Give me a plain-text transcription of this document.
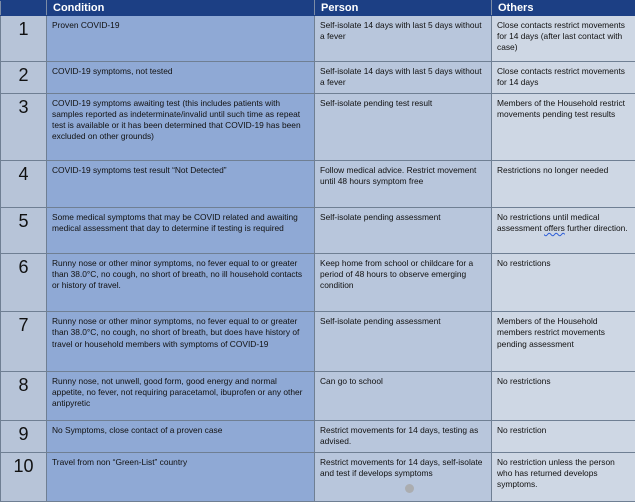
	Condition	Person	Others
1	Proven COVID-19	Self-isolate 14 days with last 5 days without a fever	Close contacts restrict movements for 14 days (after last contact with case)
2	COVID-19 symptoms, not tested	Self-isolate 14 days with last 5 days without a fever	Close contacts restrict movements for 14 days
3	COVID-19 symptoms awaiting test (this includes patients with samples reported as indeterminate/invalid until such time as repeat test is available or it has been determined that COVID-19 has been excluded on other grounds)	Self-isolate pending test result	Members of the Household restrict movements pending test results
4	COVID-19 symptoms test result “Not Detected”	Follow medical advice. Restrict movement until 48 hours symptom free	Restrictions no longer needed
5	Some medical symptoms that may be COVID related and awaiting medical assessment that day to determine if testing is required	Self-isolate pending assessment	No restrictions until medical assessment offers further direction.
6	Runny nose or other minor symptoms, no fever equal to or greater than 38.0°C, no cough, no short of breath, no ill household contacts or history of travel.	Keep home from school or childcare for a period of 48 hours to observe emerging condition	No restrictions
7	Runny nose or other minor symptoms, no fever equal to or greater than 38.0°C, no cough, no short of breath, but does have history of travel or household members with symptoms of COVID-19	Self-isolate pending assessment	Members of the Household members restrict movements pending assessment
8	Runny nose, not unwell, good form, good energy and normal appetite, no fever, not requiring paracetamol, ibuprofen or any other antipyretic	Can go to school	No restrictions
9	No Symptoms, close contact of a proven case	Restrict movements for 14 days, testing as advised.	No restriction
10	Travel from non “Green-List” country	Restrict movements for 14 days, self-isolate and test if develops symptoms	No restriction unless the person who has returned develops symptoms.
